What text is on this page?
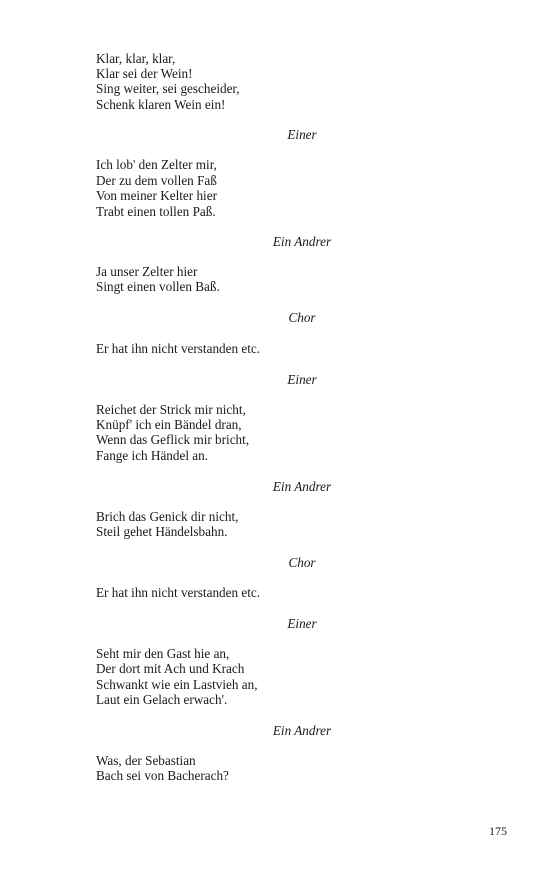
Klar, klar, klar,
Klar sei der Wein!
Sing weiter, sei gescheider,
Schenk klaren Wein ein!
Einer
Ich lob' den Zelter mir,
Der zu dem vollen Faß
Von meiner Kelter hier
Trabt einen tollen Paß.
Ein Andrer
Ja unser Zelter hier
Singt einen vollen Baß.
Chor
Er hat ihn nicht verstanden etc.
Einer
Reichet der Strick mir nicht,
Knüpf' ich ein Bändel dran,
Wenn das Geflick mir bricht,
Fange ich Händel an.
Ein Andrer
Brich das Genick dir nicht,
Steil gehet Händelsbahn.
Chor
Er hat ihn nicht verstanden etc.
Einer
Seht mir den Gast hie an,
Der dort mit Ach und Krach
Schwankt wie ein Lastvieh an,
Laut ein Gelach erwach'.
Ein Andrer
Was, der Sebastian
Bach sei von Bacherach?
175
